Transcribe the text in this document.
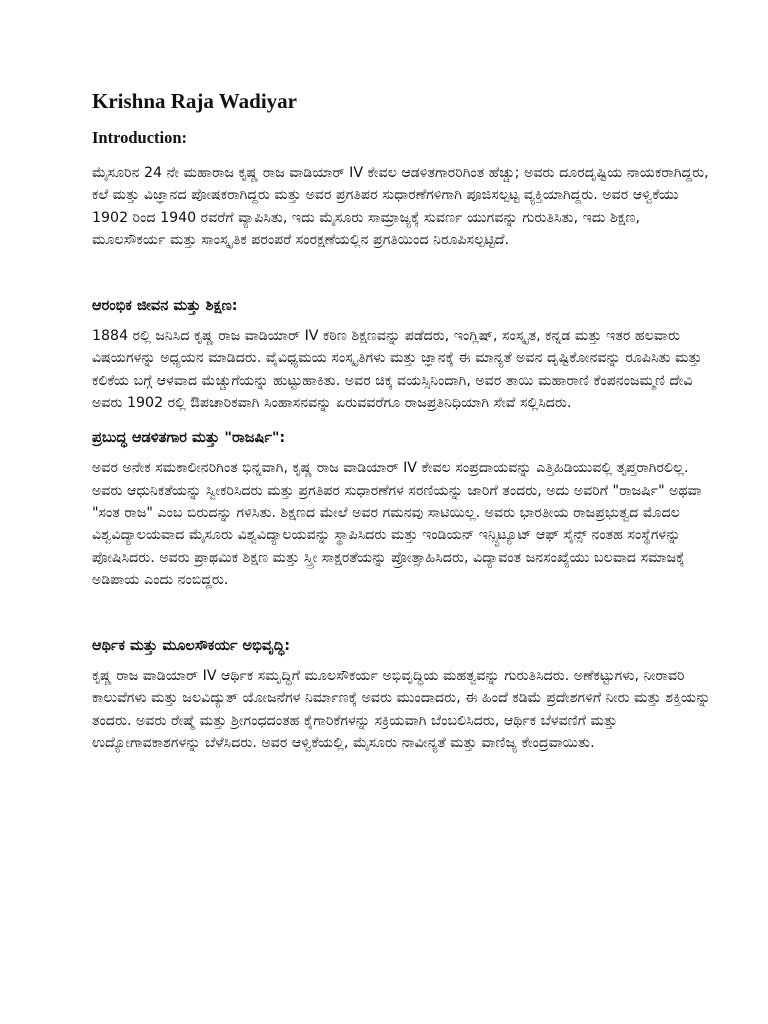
Krishna Raja Wadiyar
Introduction:

ಮೈಸೂರಿನ 24 ನೇ ಮಹಾರಾಜ ಕೃಷ್ಣ ರಾಜ ವಾಡಿಯಾರ್ IV ಕೇವಲ ಆಡಳಿತಗಾರರಿಗಿಂತ ಹೆಚ್ಚು; ಅವರು ದೂರದೃಷ್ಟಿಯ ನಾಯಕರಾಗಿದ್ದರು, ಕಲೆ ಮತ್ತು ವಿಜ್ಞಾನದ ಪೋಷಕರಾಗಿದ್ದರು ಮತ್ತು ಅವರ ಪ್ರಗತಿಪರ ಸುಧಾರಣೆಗಳಿಗಾಗಿ ಪೂಜಿಸಲ್ಪಟ್ಟ ವ್ಯಕ್ತಿಯಾಗಿದ್ದರು. ಅವರ ಆಳ್ವಿಕೆಯು 1902 ರಿಂದ 1940 ರವರೆಗೆ ವ್ಯಾಪಿಸಿತು, ಇದು ಮೈಸೂರು ಸಾಮ್ರಾಜ್ಯಕ್ಕೆ ಸುವರ್ಣ ಯುಗವನ್ನು ಗುರುತಿಸಿತು, ಇದು ಶಿಕ್ಷಣ, ಮೂಲಸೌಕರ್ಯ ಮತ್ತು ಸಾಂಸ್ಕೃತಿಕ ಪರಂಪರೆ ಸಂರಕ್ಷಣೆಯಲ್ಲಿನ ಪ್ರಗತಿಯಿಂದ ನಿರೂಪಿಸಲ್ಪಟ್ಟಿದೆ.

ಆರಂಭಿಕ ಜೀವನ ಮತ್ತು ಶಿಕ್ಷಣ:

1884 ರಲ್ಲಿ ಜನಿಸಿದ ಕೃಷ್ಣ ರಾಜ ವಾಡಿಯಾರ್ IV ಕಠಿಣ ಶಿಕ್ಷಣವನ್ನು ಪಡೆದರು, ಇಂಗ್ಲಿಷ್, ಸಂಸ್ಕೃತ, ಕನ್ನಡ ಮತ್ತು ಇತರ ಹಲವಾರು ವಿಷಯಗಳನ್ನು ಅಧ್ಯಯನ ಮಾಡಿದರು. ವೈವಿಧ್ಯಮಯ ಸಂಸ್ಕೃತಿಗಳು ಮತ್ತು ಜ್ಞಾನಕ್ಕೆ ಈ ಮಾನ್ಯತೆ ಅವನ ದೃಷ್ಟಿಕೋನವನ್ನು ರೂಪಿಸಿತು ಮತ್ತು ಕಲಿಕೆಯ ಬಗ್ಗೆ ಆಳವಾದ ಮೆಚ್ಚುಗೆಯನ್ನು ಹುಟ್ಟುಹಾಕಿತು. ಅವರ ಚಿಕ್ಕ ವಯಸ್ಸಿನಿಂದಾಗಿ, ಅವರ ತಾಯಿ ಮಹಾರಾಣಿ ಕೆಂಪನಂಜಮ್ಮಣಿ ದೇವಿ ಅವರು 1902 ರಲ್ಲಿ ಔಪಚಾರಿಕವಾಗಿ ಸಿಂಹಾಸನವನ್ನು ಏರುವವರೆಗೂ ರಾಜಪ್ರತಿನಿಧಿಯಾಗಿ ಸೇವೆ ಸಲ್ಲಿಸಿದರು.

ಪ್ರಬುದ್ಧ ಆಡಳಿತಗಾರ ಮತ್ತು "ರಾಜರ್ಷಿ":

ಅವರ ಅನೇಕ ಸಮಕಾಲೀನರಿಗಿಂತ ಭಿನ್ನವಾಗಿ, ಕೃಷ್ಣ ರಾಜ ವಾಡಿಯಾರ್ IV ಕೇವಲ ಸಂಪ್ರದಾಯವನ್ನು ಎತ್ತಿಹಿಡಿಯುವಲ್ಲಿ ತೃಪ್ತರಾಗಿರಲಿಲ್ಲ. ಅವರು ಆಧುನಿಕತೆಯನ್ನು ಸ್ವೀಕರಿಸಿದರು ಮತ್ತು ಪ್ರಗತಿಪರ ಸುಧಾರಣೆಗಳ ಸರಣಿಯನ್ನು ಜಾರಿಗೆ ತಂದರು, ಅದು ಅವರಿಗೆ "ರಾಜರ್ಷಿ" ಅಥವಾ "ಸಂತ ರಾಜ" ಎಂಬ ಬಿರುದನ್ನು ಗಳಿಸಿತು. ಶಿಕ್ಷಣದ ಮೇಲೆ ಅವರ ಗಮನವು ಸಾಟಿಯಿಲ್ಲ. ಅವರು ಭಾರತೀಯ ರಾಜಪ್ರಭುತ್ವದ ಮೊದಲ ವಿಶ್ವವಿದ್ಯಾಲಯವಾದ ಮೈಸೂರು ವಿಶ್ವವಿದ್ಯಾಲಯವನ್ನು ಸ್ಥಾಪಿಸಿದರು ಮತ್ತು ಇಂಡಿಯನ್ ಇನ್ಸ್ಟಿಟ್ಯೂಟ್ ಆಫ್ ಸೈನ್ಸ್ ನಂತಹ ಸಂಸ್ಥೆಗಳನ್ನು ಪೋಷಿಸಿದರು. ಅವರು ಪ್ರಾಥಮಿಕ ಶಿಕ್ಷಣ ಮತ್ತು ಸ್ತ್ರೀ ಸಾಕ್ಷರತೆಯನ್ನು ಪ್ರೋತ್ಸಾಹಿಸಿದರು, ವಿದ್ಯಾವಂತ ಜನಸಂಖ್ಯೆಯು ಬಲವಾದ ಸಮಾಜಕ್ಕೆ ಅಡಿಪಾಯ ಎಂದು ನಂಬಿದ್ದರು.

ಆರ್ಥಿಕ ಮತ್ತು ಮೂಲಸೌಕರ್ಯ ಅಭಿವೃದ್ಧಿ:

ಕೃಷ್ಣ ರಾಜ ವಾಡಿಯಾರ್ IV ಆರ್ಥಿಕ ಸಮೃದ್ಧಿಗೆ ಮೂಲಸೌಕರ್ಯ ಅಭಿವೃದ್ಧಿಯ ಮಹತ್ವವನ್ನು ಗುರುತಿಸಿದರು. ಅಣೆಕಟ್ಟುಗಳು, ನೀರಾವರಿ ಕಾಲುವೆಗಳು ಮತ್ತು ಜಲವಿದ್ಯುತ್ ಯೋಜನೆಗಳ ನಿರ್ಮಾಣಕ್ಕೆ ಅವರು ಮುಂದಾದರು, ಈ ಹಿಂದೆ ಕಡಿಮೆ ಪ್ರದೇಶಗಳಿಗೆ ನೀರು ಮತ್ತು ಶಕ್ತಿಯನ್ನು ತಂದರು. ಅವರು ರೇಷ್ಮೆ ಮತ್ತು ಶ್ರೀಗಂಧದಂತಹ ಕೈಗಾರಿಕೆಗಳನ್ನು ಸಕ್ರಿಯವಾಗಿ ಬೆಂಬಲಿಸಿದರು, ಆರ್ಥಿಕ ಬೆಳವಣಿಗೆ ಮತ್ತು ಉದ್ಯೋಗಾವಕಾಶಗಳನ್ನು ಬೆಳೆಸಿದರು. ಅವರ ಆಳ್ವಿಕೆಯಲ್ಲಿ, ಮೈಸೂರು ನಾವೀನ್ಯತೆ ಮತ್ತು ವಾಣಿಜ್ಯ ಕೇಂದ್ರವಾಯಿತು.
